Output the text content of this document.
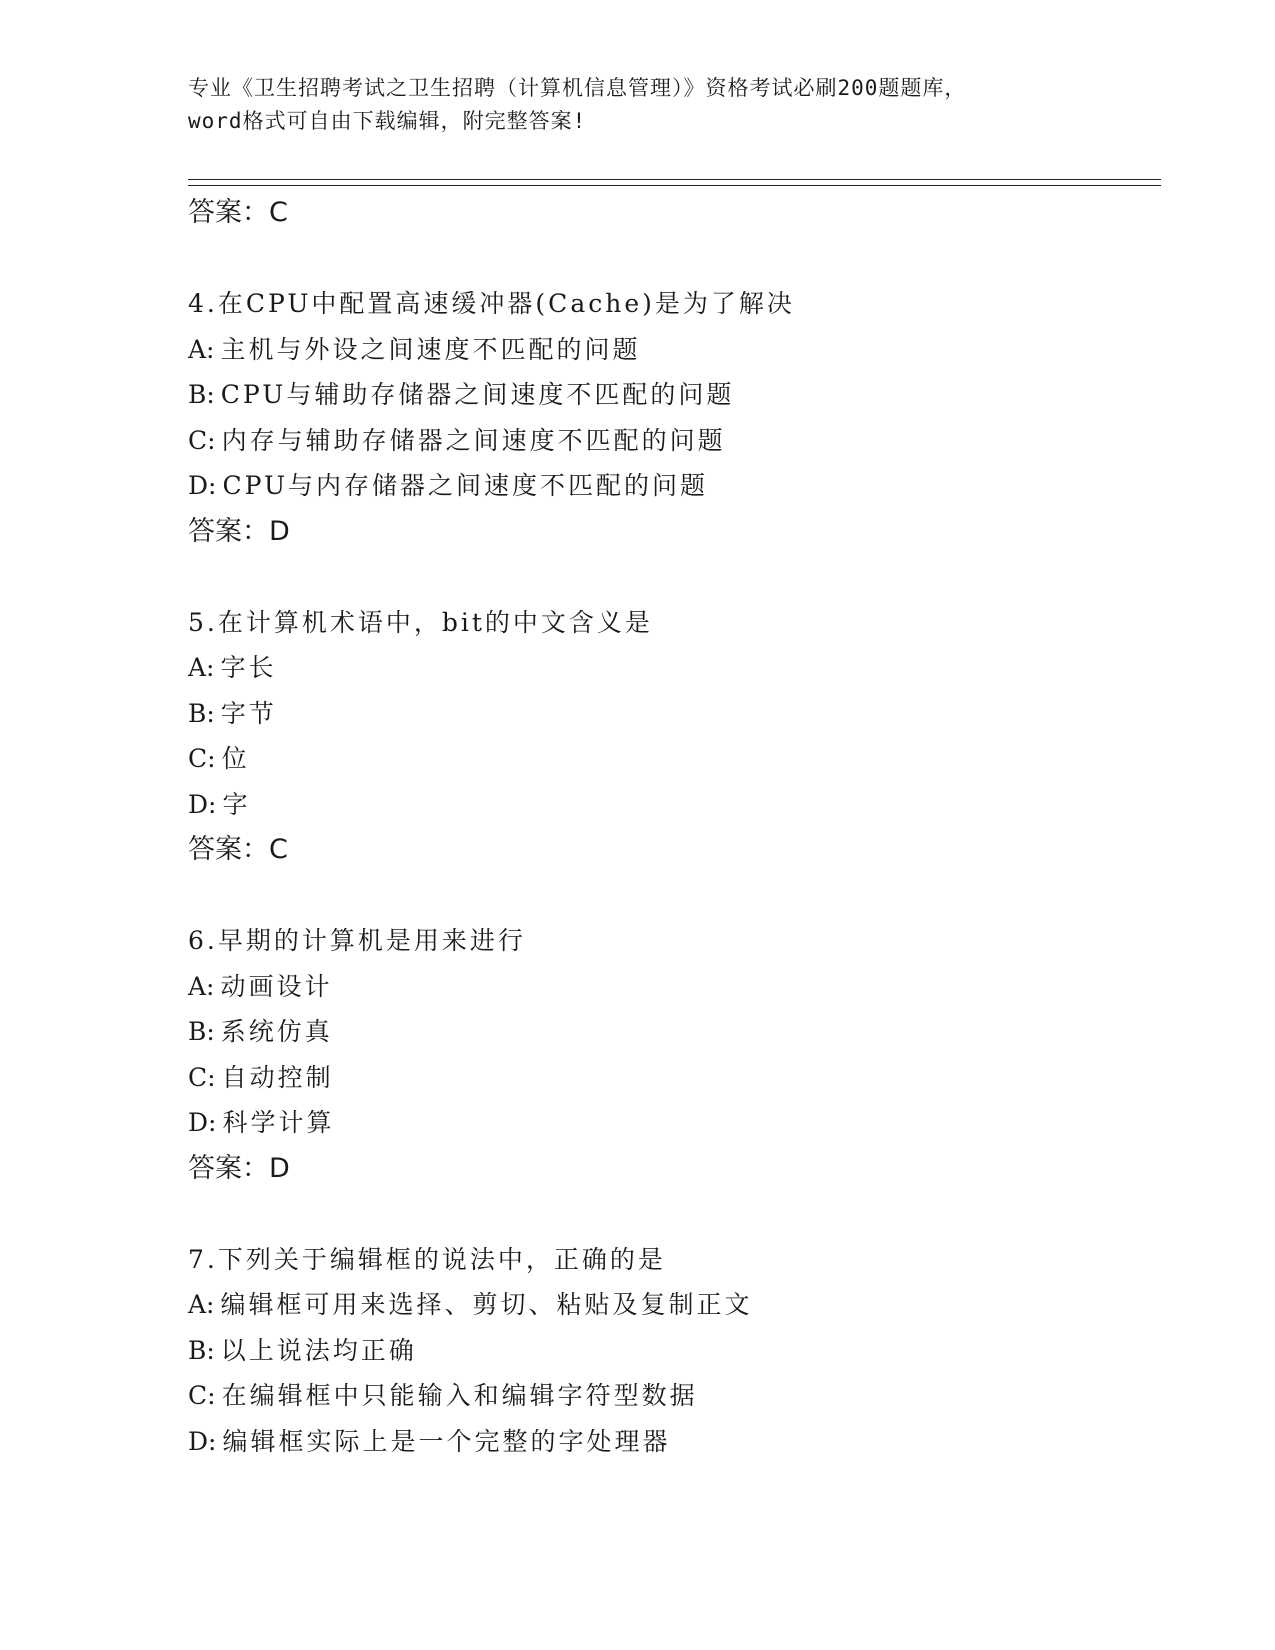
专业《卫生招聘考试之卫生招聘（计算机信息管理）》资格考试必刷200题题库，
word格式可自由下载编辑，附完整答案!
答案：C
4.在CPU中配置高速缓冲器(Cache)是为了解决
A: 主机与外设之间速度不匹配的问题
B: CPU与辅助存储器之间速度不匹配的问题
C: 内存与辅助存储器之间速度不匹配的问题
D: CPU与内存储器之间速度不匹配的问题
答案：D
5.在计算机术语中，bit的中文含义是
A: 字长
B: 字节
C: 位
D: 字
答案：C
6.早期的计算机是用来进行
A: 动画设计
B: 系统仿真
C: 自动控制
D: 科学计算
答案：D
7.下列关于编辑框的说法中，正确的是
A: 编辑框可用来选择、剪切、粘贴及复制正文
B: 以上说法均正确
C: 在编辑框中只能输入和编辑字符型数据
D: 编辑框实际上是一个完整的字处理器
